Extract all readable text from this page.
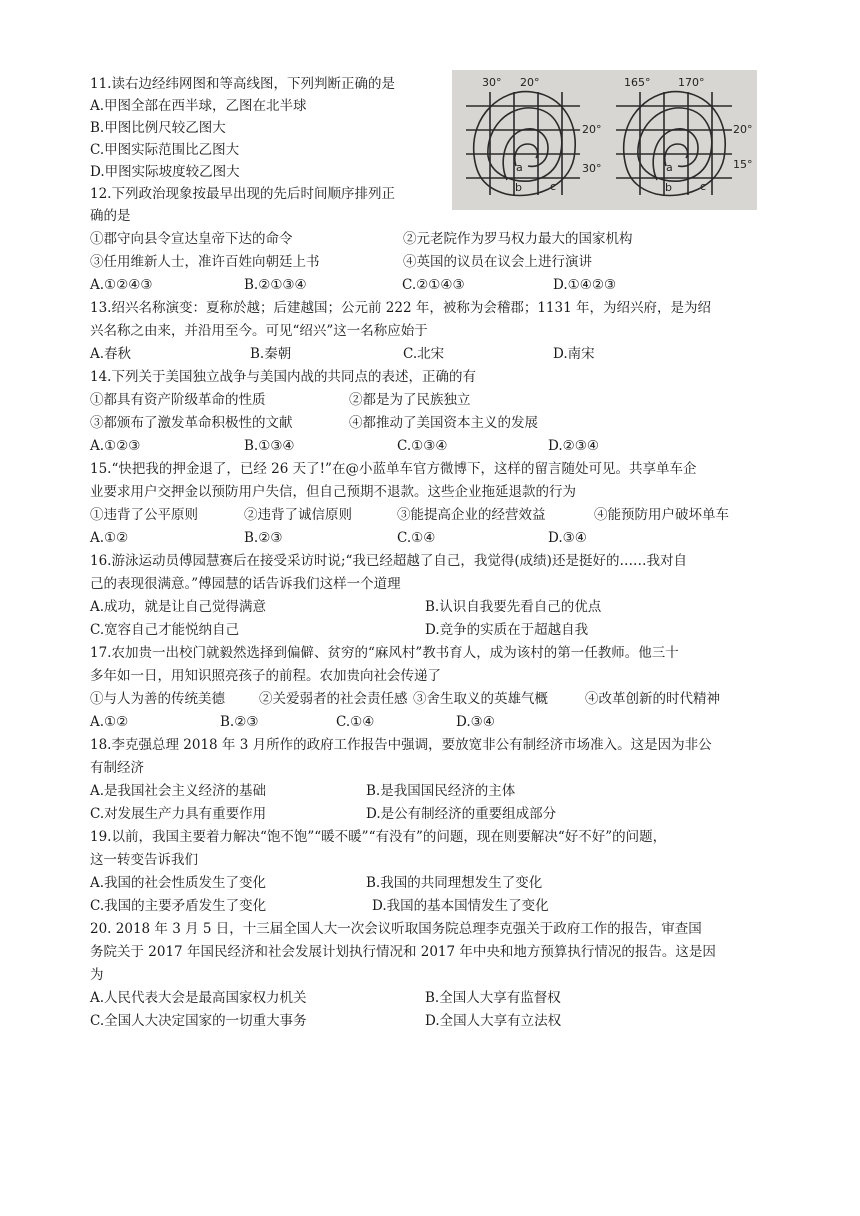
11.读右边经纬网图和等高线图，下列判断正确的是
A.甲图全部在西半球，乙图在北半球
B.甲图比例尺较乙图大
C.甲图实际范围比乙图大
D.甲图实际坡度较乙图大
30° 20°
20°
30°
a
b	c
165°	170°
20°
15°
a
b	c
12.下列政治现象按最早出现的先后时间顺序排列正
确的是
①郡守向县令宣达皇帝下达的命令	②元老院作为罗马权力最大的国家机构
③任用维新人士，准许百姓向朝廷上书	④英国的议员在议会上进行演讲
A.①②④③	B.②①③④	C.②①④③	D.①④②③
13.绍兴名称演变：夏称於越；后建越国；公元前 222 年，被称为会稽郡；1131 年，为绍兴府，是为绍
兴名称之由来，并沿用至今。可见“绍兴”这一名称应始于
A.春秋	B.秦朝	C.北宋	D.南宋
14.下列关于美国独立战争与美国内战的共同点的表述，正确的有
①都具有资产阶级革命的性质	②都是为了民族独立
③都颁布了激发革命积极性的文献	④都推动了美国资本主义的发展
A.①②③	B.①③④	C.①③④	D.②③④
15.“快把我的押金退了，已经 26 天了!”在@小蓝单车官方微博下，这样的留言随处可见。共享单车企
业要求用户交押金以预防用户失信，但自己预期不退款。这些企业拖延退款的行为
①违背了公平原则	②违背了诚信原则	③能提高企业的经营效益	④能预防用户破坏单车
A.①②	B.②③	C.①④	D.③④
16.游泳运动员傅园慧赛后在接受采访时说;“我已经超越了自己，我觉得(成绩)还是挺好的……我对自
己的表现很满意。”傅园慧的话告诉我们这样一个道理
A.成功，就是让自己觉得满意	B.认识自我要先看自己的优点
C.宽容自己才能悦纳自己	D.竞争的实质在于超越自我
17.农加贵一出校门就毅然选择到偏僻、贫穷的“麻风村”教书育人，成为该村的第一任教师。他三十
多年如一日，用知识照亮孩子的前程。农加贵向社会传递了
①与人为善的传统美德	②关爱弱者的社会责任感 ③舍生取义的英雄气概	④改革创新的时代精神
A.①②	B.②③	C.①④	D.③④
18.李克强总理 2018 年 3 月所作的政府工作报告中强调，要放宽非公有制经济市场准入。这是因为非公
有制经济
A.是我国社会主义经济的基础	B.是我国国民经济的主体
C.对发展生产力具有重要作用	D.是公有制经济的重要组成部分
19.以前，我国主要着力解决“饱不饱”“暖不暖”“有没有”的问题，现在则要解决“好不好”的问题，
这一转变告诉我们
A.我国的社会性质发生了变化	B.我国的共同理想发生了变化
C.我国的主要矛盾发生了变化	D.我国的基本国情发生了变化
20. 2018 年 3 月 5 日，十三届全国人大一次会议听取国务院总理李克强关于政府工作的报告，审查国
务院关于 2017 年国民经济和社会发展计划执行情况和 2017 年中央和地方预算执行情况的报告。这是因
为
A.人民代表大会是最高国家权力机关	B.全国人大享有监督权
C.全国人大决定国家的一切重大事务	D.全国人大享有立法权
